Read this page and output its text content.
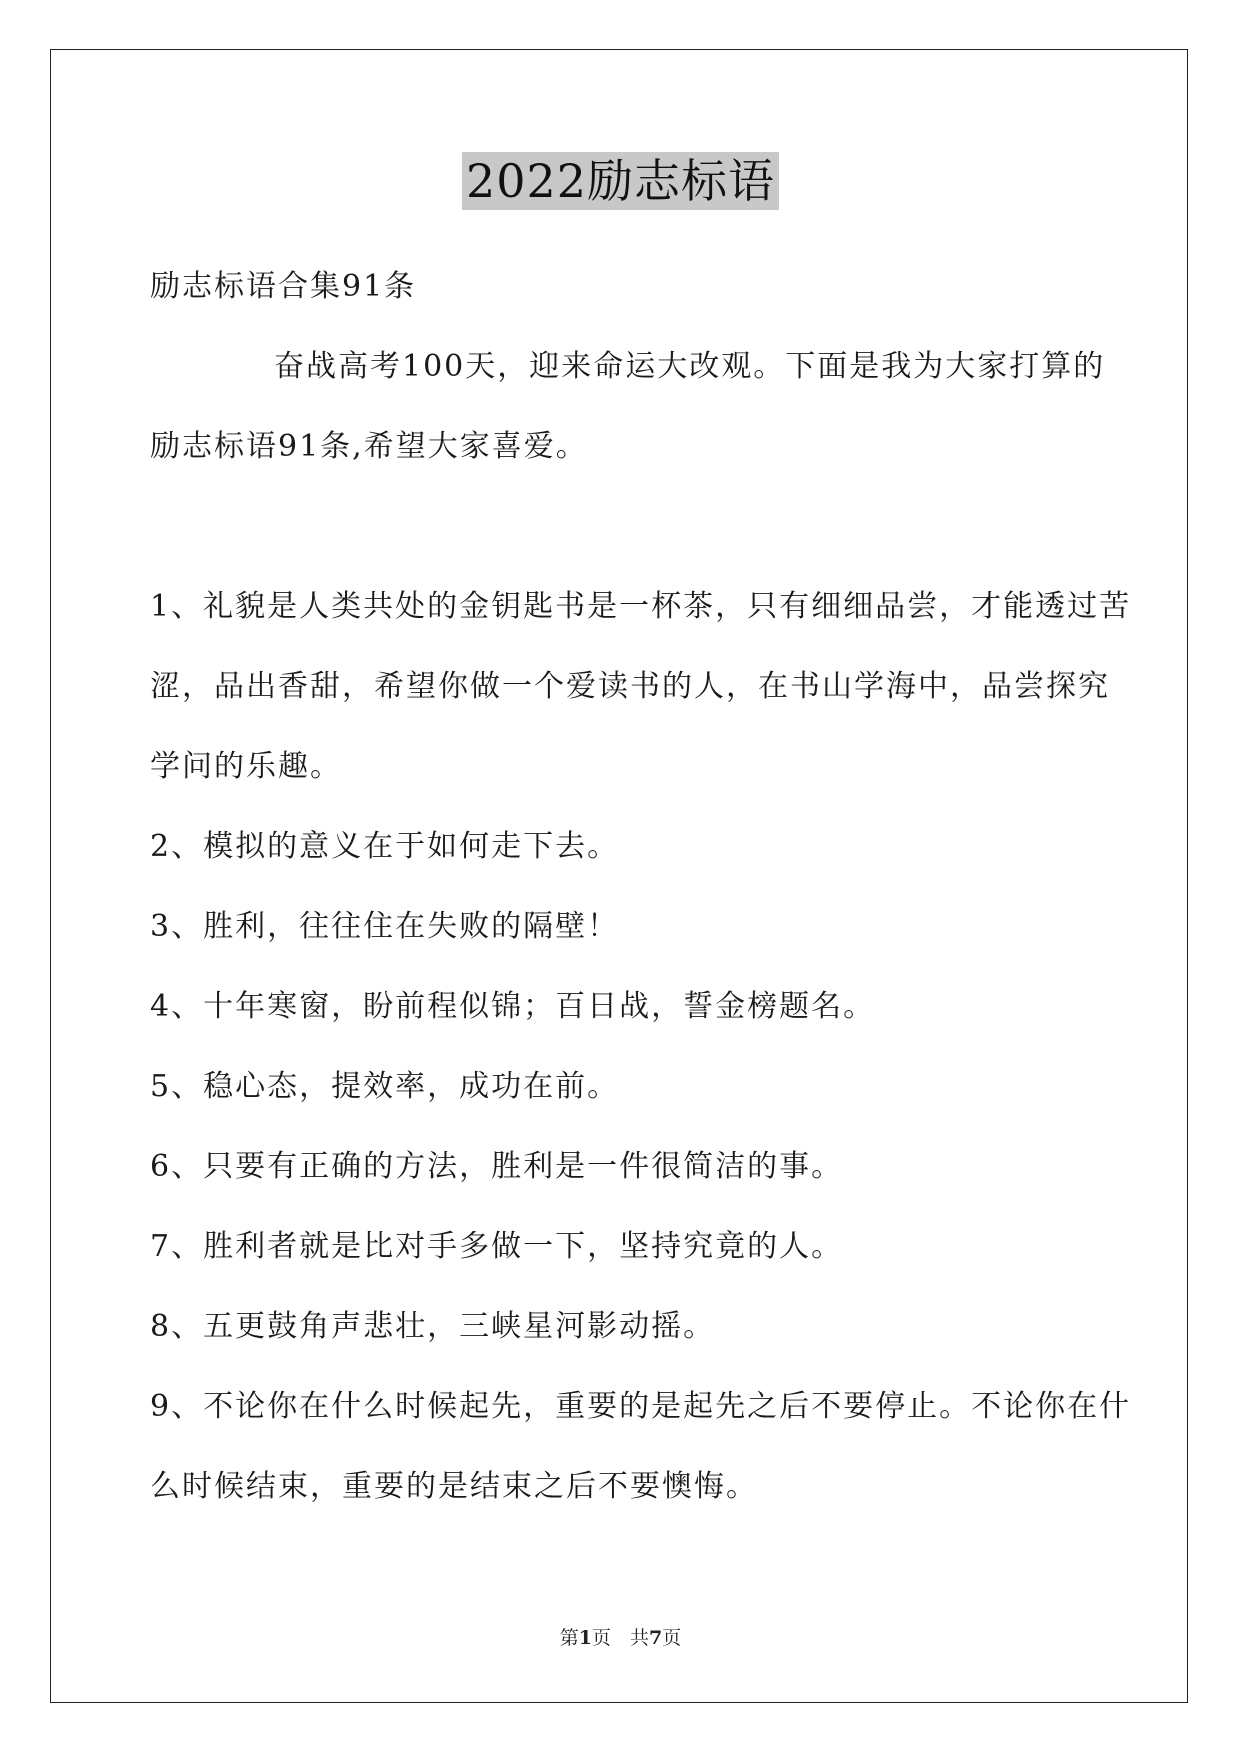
2022励志标语
励志标语合集91条
奋战高考100天，迎来命运大改观。下面是我为大家打算的
励志标语91条,希望大家喜爱。
1、礼貌是人类共处的金钥匙书是一杯茶，只有细细品尝，才能透过苦
涩，品出香甜，希望你做一个爱读书的人，在书山学海中，品尝探究
学问的乐趣。
2、模拟的意义在于如何走下去。
3、胜利，往往住在失败的隔壁！
4、十年寒窗，盼前程似锦；百日战，誓金榜题名。
5、稳心态，提效率，成功在前。
6、只要有正确的方法，胜利是一件很简洁的事。
7、胜利者就是比对手多做一下，坚持究竟的人。
8、五更鼓角声悲壮，三峡星河影动摇。
9、不论你在什么时候起先，重要的是起先之后不要停止。不论你在什
么时候结束，重要的是结束之后不要懊悔。
第1页　共7页
